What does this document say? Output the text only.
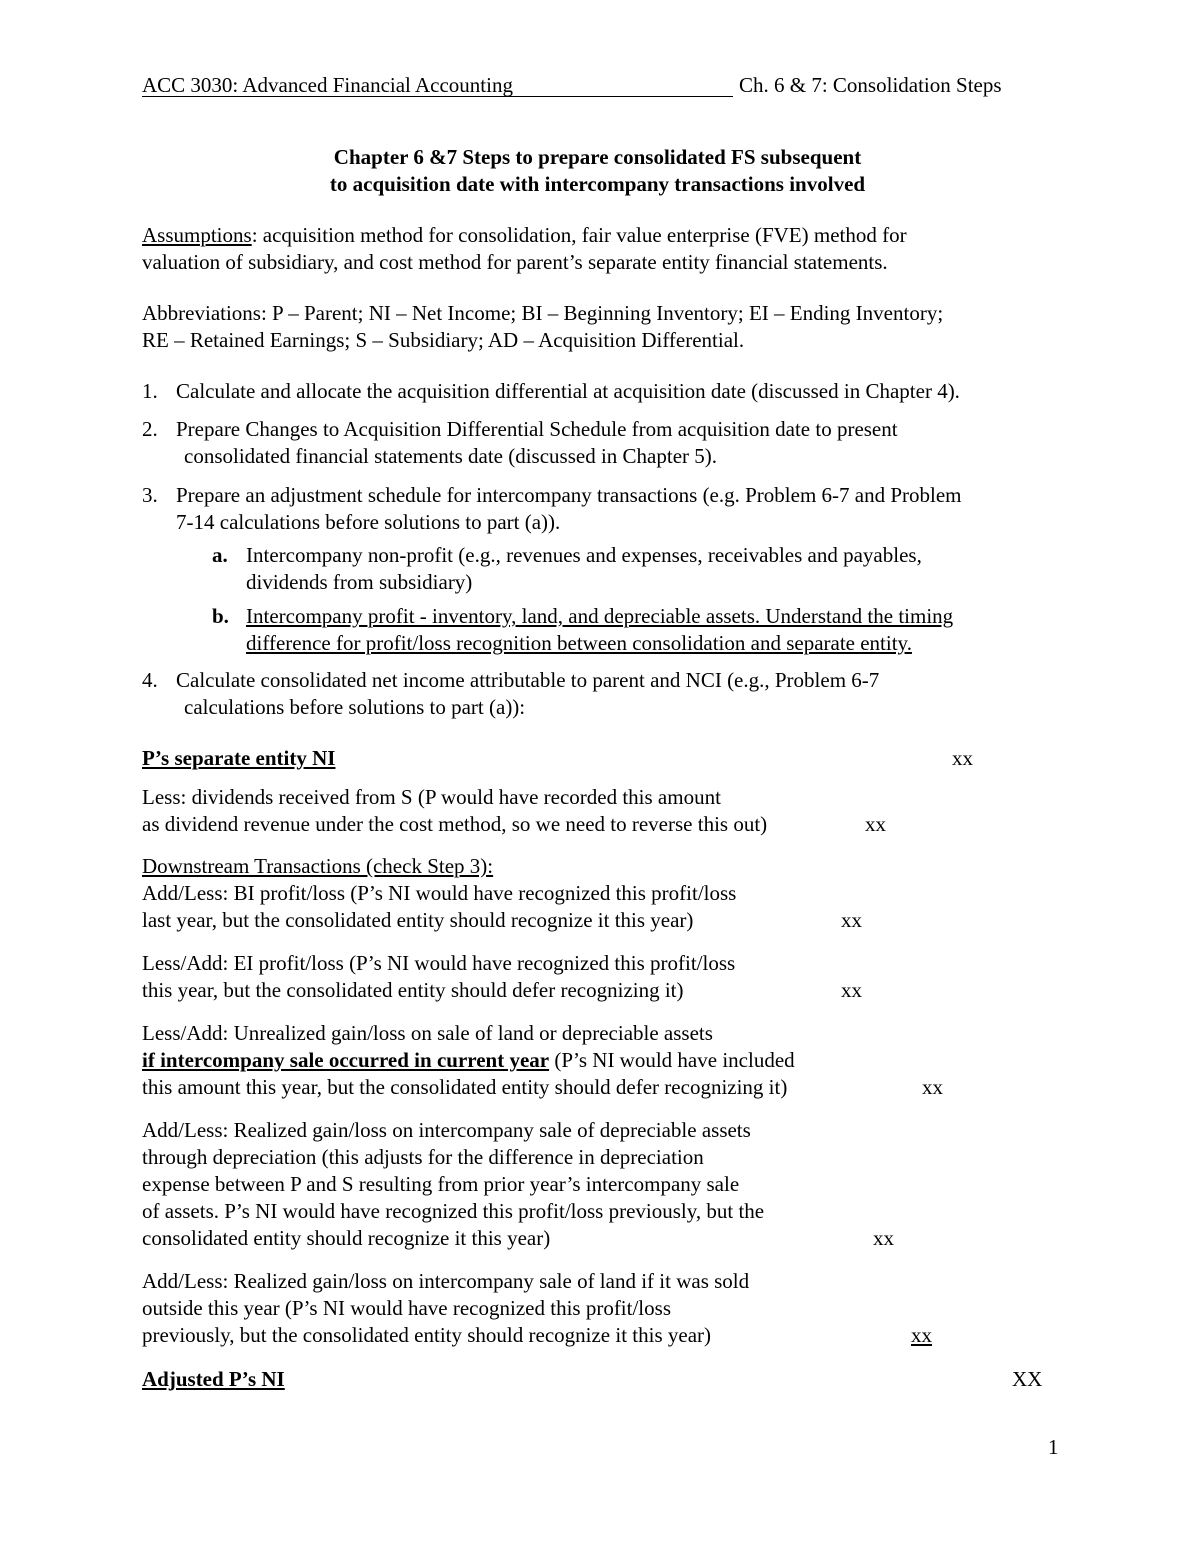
ACC 3030: Advanced Financial Accounting	Ch. 6 & 7: Consolidation Steps
Chapter 6 &7 Steps to prepare consolidated FS subsequent
to acquisition date with intercompany transactions involved
Assumptions: acquisition method for consolidation, fair value enterprise (FVE) method for
valuation of subsidiary, and cost method for parent’s separate entity financial statements.
Abbreviations: P – Parent; NI – Net Income; BI – Beginning Inventory; EI – Ending Inventory;
RE – Retained Earnings; S – Subsidiary; AD – Acquisition Differential.
1. Calculate and allocate the acquisition differential at acquisition date (discussed in Chapter 4).
2. Prepare Changes to Acquisition Differential Schedule from acquisition date to present
consolidated financial statements date (discussed in Chapter 5).
3. Prepare an adjustment schedule for intercompany transactions (e.g. Problem 6-7 and Problem
7-14 calculations before solutions to part (a)).
a. Intercompany non-profit (e.g., revenues and expenses, receivables and payables,
dividends from subsidiary)
b. Intercompany profit - inventory, land, and depreciable assets. Understand the timing
difference for profit/loss recognition between consolidation and separate entity.
4. Calculate consolidated net income attributable to parent and NCI (e.g., Problem 6-7
calculations before solutions to part (a)):
P’s separate entity NI	xx
Less: dividends received from S (P would have recorded this amount
as dividend revenue under the cost method, so we need to reverse this out)	xx
Downstream Transactions (check Step 3):
Add/Less: BI profit/loss (P’s NI would have recognized this profit/loss
last year, but the consolidated entity should recognize it this year)	xx
Less/Add: EI profit/loss (P’s NI would have recognized this profit/loss
this year, but the consolidated entity should defer recognizing it)	xx
Less/Add: Unrealized gain/loss on sale of land or depreciable assets
if intercompany sale occurred in current year (P’s NI would have included
this amount this year, but the consolidated entity should defer recognizing it)	xx
Add/Less: Realized gain/loss on intercompany sale of depreciable assets
through depreciation (this adjusts for the difference in depreciation
expense between P and S resulting from prior year’s intercompany sale
of assets. P’s NI would have recognized this profit/loss previously, but the
consolidated entity should recognize it this year)	xx
Add/Less: Realized gain/loss on intercompany sale of land if it was sold
outside this year (P’s NI would have recognized this profit/loss
previously, but the consolidated entity should recognize it this year)	xx
Adjusted P’s NI	XX
1
